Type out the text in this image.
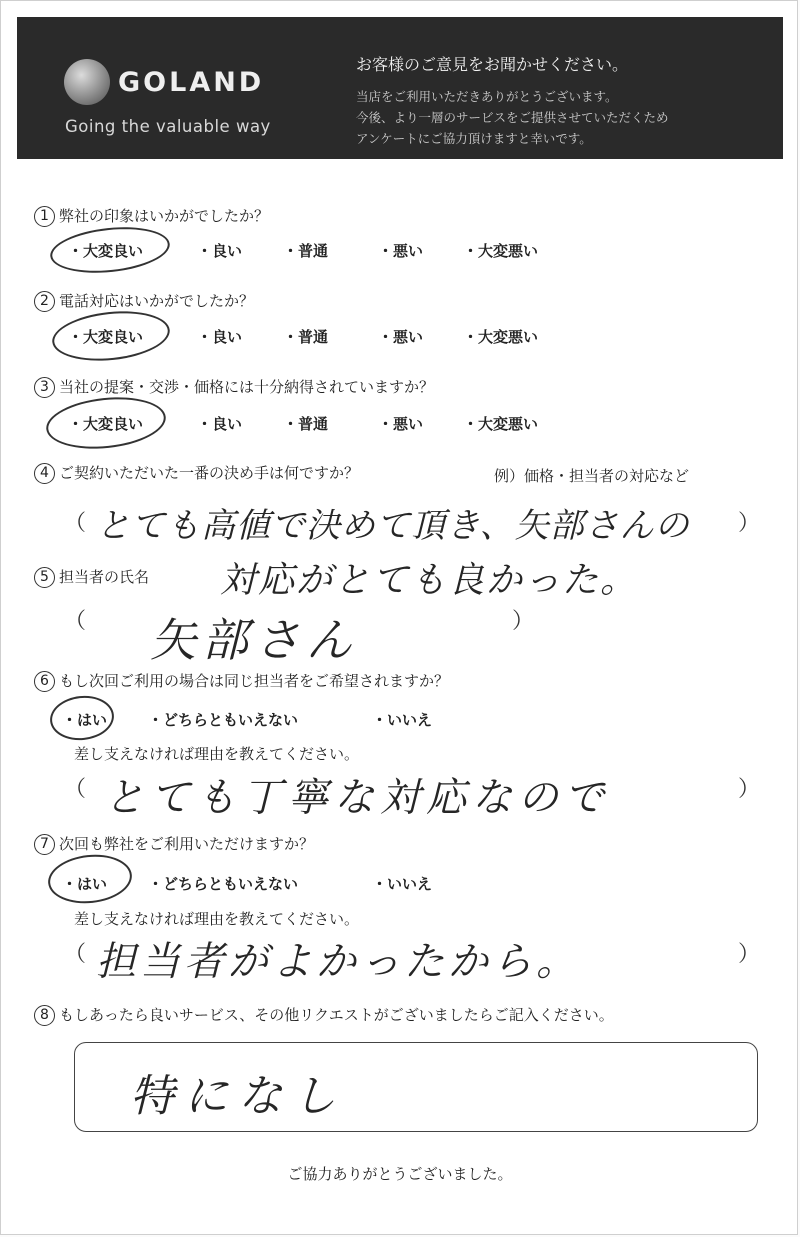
GOLAND
Going the valuable way
お客様のご意見をお聞かせください。
当店をご利用いただきありがとうございます。
今後、より一層のサービスをご提供させていただくため
アンケートにご協力頂けますと幸いです。
1 弊社の印象はいかがでしたか？
・大変良い	・良い	・普通	・悪い	・大変悪い
2 電話対応はいかがでしたか？
・大変良い	・良い	・普通	・悪い	・大変悪い
3 当社の提案・交渉・価格には十分納得されていますか？
・大変良い	・良い	・普通	・悪い	・大変悪い
4 ご契約いただいた一番の決め手は何ですか？	例）価格・担当者の対応など
（	）
とても高値で決めて頂き、矢部さんの
対応がとても良かった。
5 担当者の氏名
（	）
矢部さん
6 もし次回ご利用の場合は同じ担当者をご希望されますか？
・はい	・どちらともいえない	・いいえ
差し支えなければ理由を教えてください。
（	）
とても丁寧な対応なので
7 次回も弊社をご利用いただけますか？
・はい	・どちらともいえない	・いいえ
差し支えなければ理由を教えてください。
（	）
担当者がよかったから。
8 もしあったら良いサービス、その他リクエストがございましたらご記入ください。
特になし
ご協力ありがとうございました。
